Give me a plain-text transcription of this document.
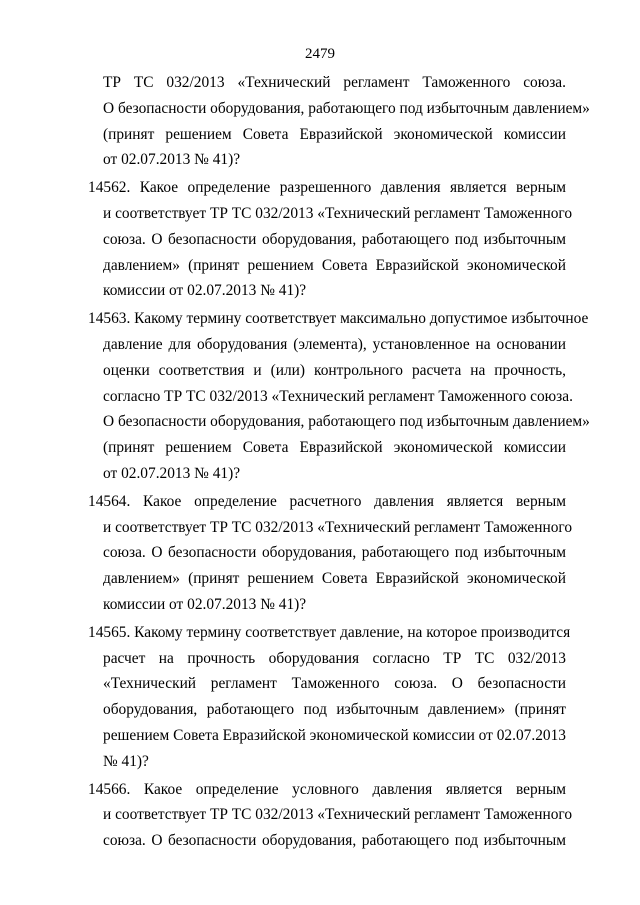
2479
ТР ТС 032/2013 «Технический регламент Таможенного союза.
О безопасности оборудования, работающего под избыточным давлением»
(принят решением Совета Евразийской экономической комиссии
от 02.07.2013 № 41)?
14562. Какое определение разрешенного давления является верным
и соответствует ТР ТС 032/2013 «Технический регламент Таможенного
союза. О безопасности оборудования, работающего под избыточным
давлением» (принят решением Совета Евразийской экономической
комиссии от 02.07.2013 № 41)?
14563. Какому термину соответствует максимально допустимое избыточное
давление для оборудования (элемента), установленное на основании
оценки соответствия и (или) контрольного расчета на прочность,
согласно ТР ТС 032/2013 «Технический регламент Таможенного союза.
О безопасности оборудования, работающего под избыточным давлением»
(принят решением Совета Евразийской экономической комиссии
от 02.07.2013 № 41)?
14564. Какое определение расчетного давления является верным
и соответствует ТР ТС 032/2013 «Технический регламент Таможенного
союза. О безопасности оборудования, работающего под избыточным
давлением» (принят решением Совета Евразийской экономической
комиссии от 02.07.2013 № 41)?
14565. Какому термину соответствует давление, на которое производится
расчет на прочность оборудования согласно ТР ТС 032/2013
«Технический регламент Таможенного союза. О безопасности
оборудования, работающего под избыточным давлением» (принят
решением Совета Евразийской экономической комиссии от 02.07.2013
№ 41)?
14566. Какое определение условного давления является верным
и соответствует ТР ТС 032/2013 «Технический регламент Таможенного
союза. О безопасности оборудования, работающего под избыточным
